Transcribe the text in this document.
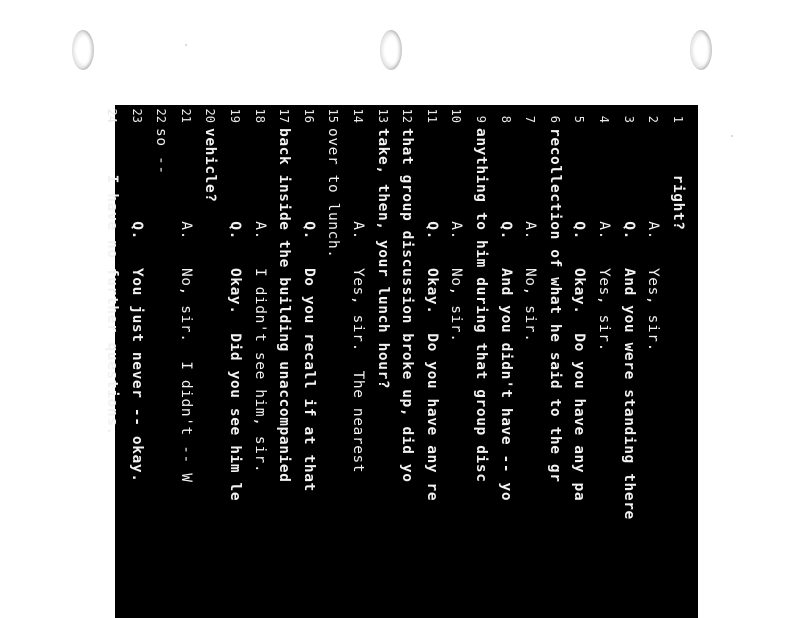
1
right?
2
A.   Yes, sir.
3
Q.   And you were standing there
4
A.   Yes, sir.
5
Q.   Okay.  Do you have any pa
6
recollection of what he said to the gr
7
A.   No, sir.
8
Q.   And you didn't have -- yo
9
anything to him during that group disc
10
A.   No, sir.
11
Q.   Okay.  Do you have any re
12
that group discussion broke up, did yo
13
take, then, your lunch hour?
14
A.   Yes, sir.  The nearest
15
over to lunch.
16
Q.   Do you recall if at that
17
back inside the building unaccompanied
18
A.   I didn't see him, sir.
19
Q.   Okay.  Did you see him le
20
vehicle?
21
A.   No, sir.  I didn't -- W
22
so --
23
Q.   You just never -- okay.
24
I have no further questions.
